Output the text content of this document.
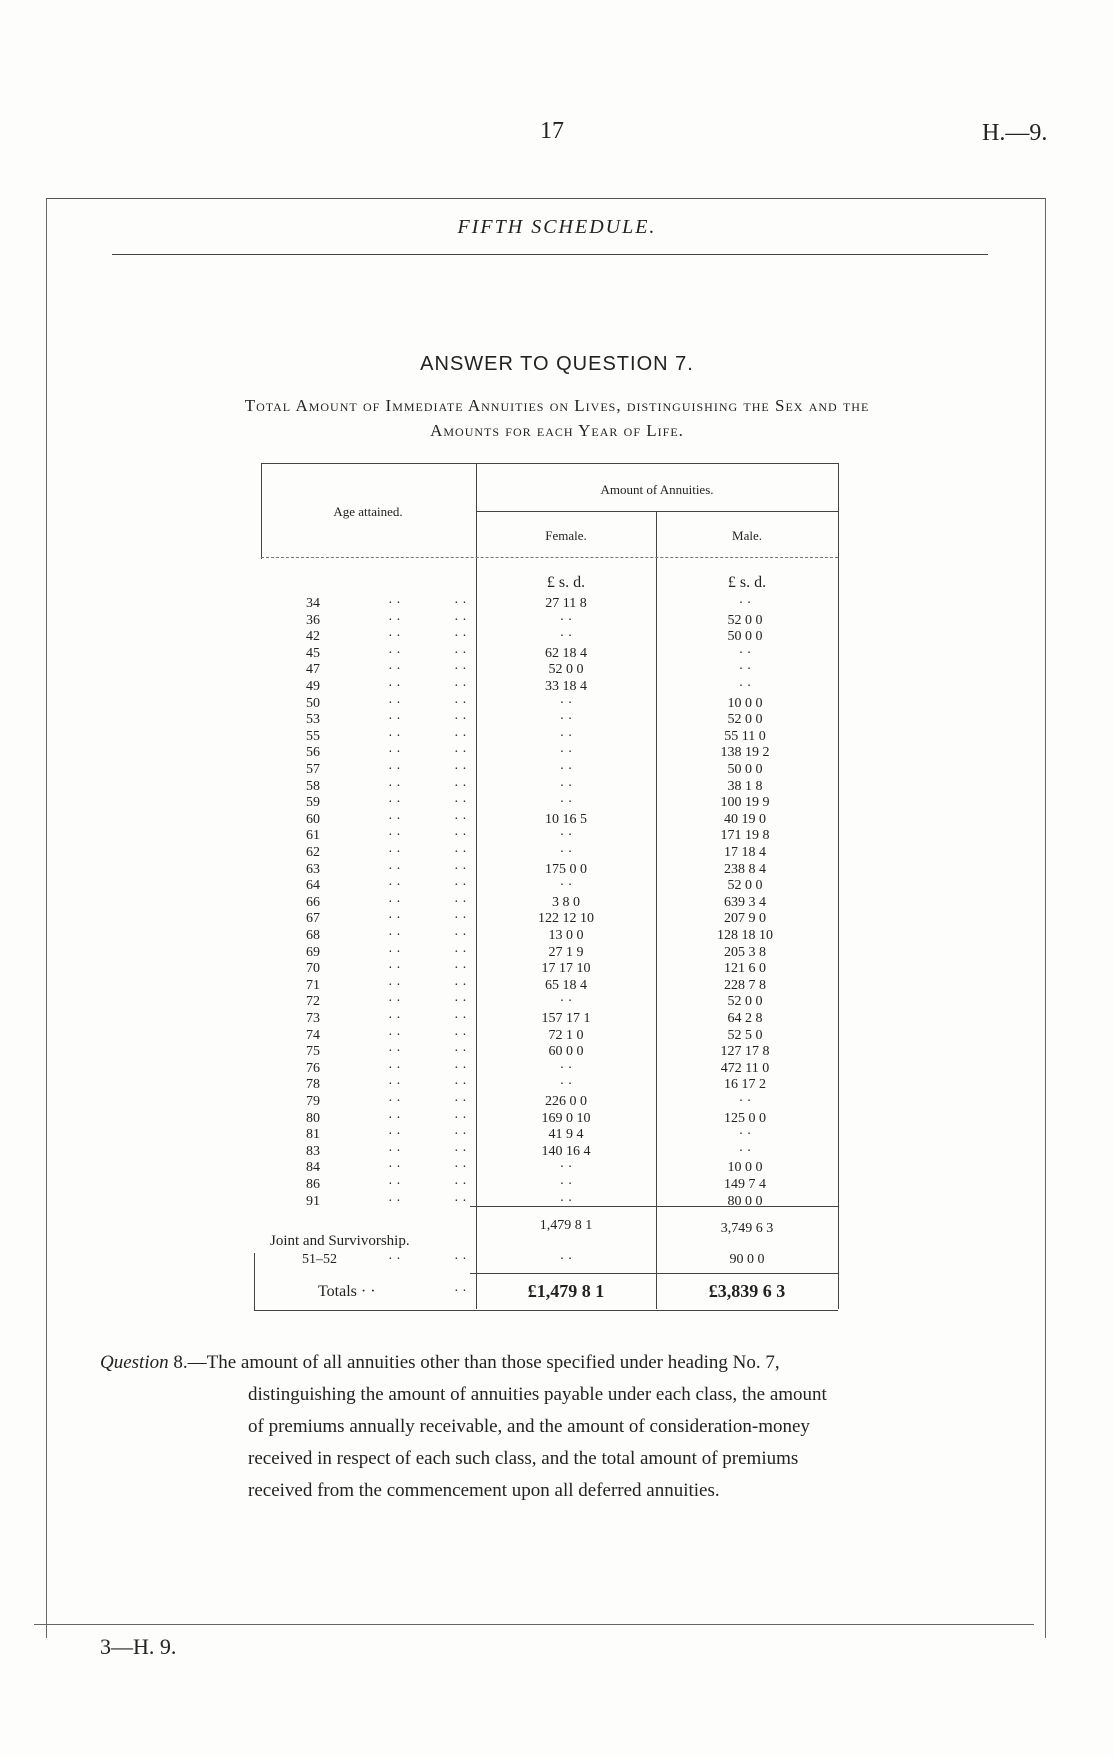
17	H.—9.
FIFTH SCHEDULE.
ANSWER TO QUESTION 7.
Total Amount of Immediate Annuities on Lives, distinguishing the Sex and the
Amounts for each Year of Life.
Age attained.
Amount of Annuities.
Female.	Male.
£ s. d.	£ s. d.
34	· ·	· ·	27 11 8	· ·
36	· ·	· ·	· ·	52 0 0
42	· ·	· ·	· ·	50 0 0
45	· ·	· ·	62 18 4	· ·
47	· ·	· ·	52 0 0	· ·
49	· ·	· ·	33 18 4	· ·
50	· ·	· ·	· ·	10 0 0
53	· ·	· ·	· ·	52 0 0
55	· ·	· ·	· ·	55 11 0
56	· ·	· ·	· ·	138 19 2
57	· ·	· ·	· ·	50 0 0
58	· ·	· ·	· ·	38 1 8
59	· ·	· ·	· ·	100 19 9
60	· ·	· ·	10 16 5	40 19 0
61	· ·	· ·	· ·	171 19 8
62	· ·	· ·	· ·	17 18 4
63	· ·	· ·	175 0 0	238 8 4
64	· ·	· ·	· ·	52 0 0
66	· ·	· ·	3 8 0	639 3 4
67	· ·	· ·	122 12 10	207 9 0
68	· ·	· ·	13 0 0	128 18 10
69	· ·	· ·	27 1 9	205 3 8
70	· ·	· ·	17 17 10	121 6 0
71	· ·	· ·	65 18 4	228 7 8
72	· ·	· ·	· ·	52 0 0
73	· ·	· ·	157 17 1	64 2 8
74	· ·	· ·	72 1 0	52 5 0
75	· ·	· ·	60 0 0	127 17 8
76	· ·	· ·	· ·	472 11 0
78	· ·	· ·	· ·	16 17 2
79	· ·	· ·	226 0 0	· ·
80	· ·	· ·	169 0 10	125 0 0
81	· ·	· ·	41 9 4	· ·
83	· ·	· ·	140 16 4	· ·
84	· ·	· ·	· ·	10 0 0
86	· ·	· ·	· ·	149 7 4
91	· ·	· ·	· ·	80 0 0
1,479 8 1	3,749 6 3
Joint and Survivorship.
51–52	· ·	· ·	· ·	90 0 0
Totals · ·	· ·	£1,479 8 1	£3,839 6 3
Question 8.—The amount of all annuities other than those specified under heading No. 7,
distinguishing the amount of annuities payable under each class, the amount
of premiums annually receivable, and the amount of consideration-money
received in respect of each such class, and the total amount of premiums
received from the commencement upon all deferred annuities.
3—H. 9.
